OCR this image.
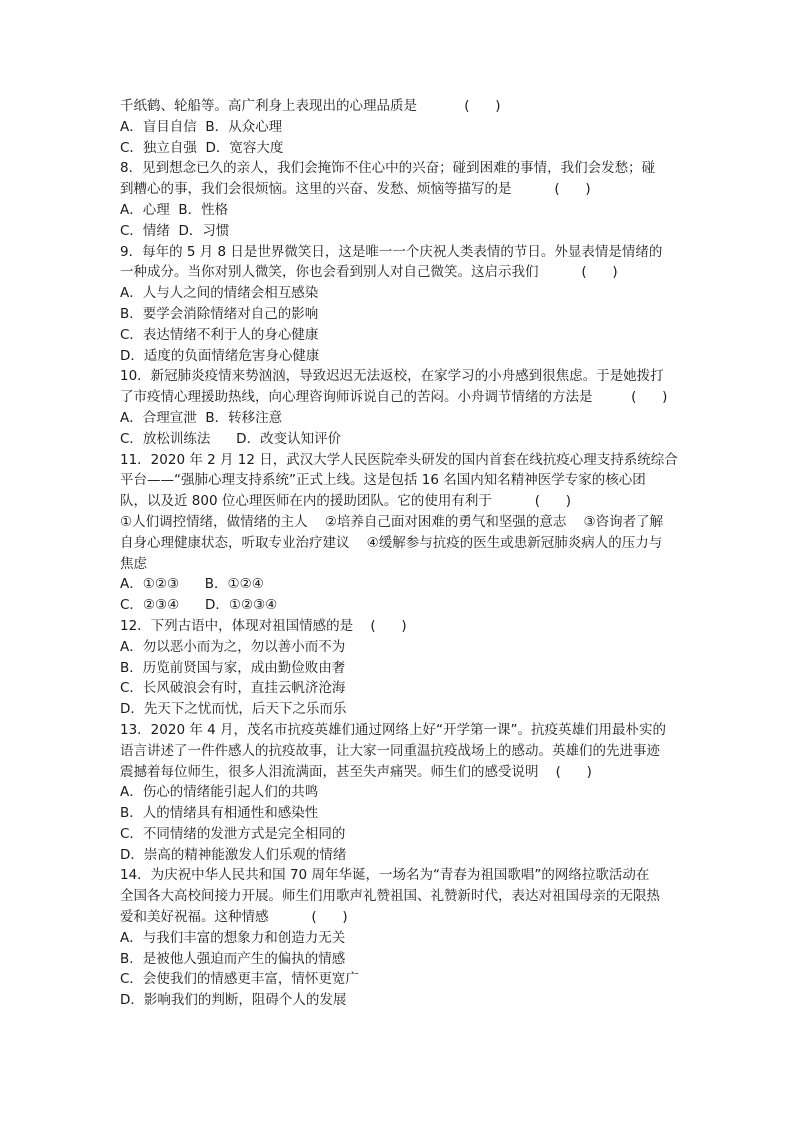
千纸鹤、轮船等。高广利身上表现出的心理品质是           (      )
A．盲目自信  B．从众心理
C．独立自强  D．宽容大度
8．见到想念已久的亲人，我们会掩饰不住心中的兴奋；碰到困难的事情，我们会发愁；碰
到糟心的事，我们会很烦恼。这里的兴奋、发愁、烦恼等描写的是          (      )
A．心理  B．性格
C．情绪  D．习惯
9．每年的 5 月 8 日是世界微笑日，这是唯一一个庆祝人类表情的节日。外显表情是情绪的
一种成分。当你对别人微笑，你也会看到别人对自己微笑。这启示我们          (      )
A．人与人之间的情绪会相互感染
B．要学会消除情绪对自己的影响
C．表达情绪不利于人的身心健康
D．适度的负面情绪危害身心健康
10．新冠肺炎疫情来势汹汹，导致迟迟无法返校，在家学习的小舟感到很焦虑。于是她拨打
了市疫情心理援助热线，向心理咨询师诉说自己的苦闷。小舟调节情绪的方法是         (      )
A．合理宣泄  B．转移注意
C．放松训练法      D．改变认知评价
11．2020 年 2 月 12 日，武汉大学人民医院牵头研发的国内首套在线抗疫心理支持系统综合
平台——“强肺心理支持系统”正式上线。这是包括 16 名国内知名精神医学专家的核心团
队，以及近 800 位心理医师在内的援助团队。它的使用有利于          (      )
①人们调控情绪，做情绪的主人    ②培养自己面对困难的勇气和坚强的意志    ③咨询者了解
自身心理健康状态，听取专业治疗建议    ④缓解参与抗疫的医生或患新冠肺炎病人的压力与
焦虑
A．①②③      B．①②④
C．②③④      D．①②③④
12．下列古语中，体现对祖国情感的是    (      )
A．勿以恶小而为之，勿以善小而不为
B．历览前贤国与家，成由勤俭败由奢
C．长风破浪会有时，直挂云帆济沧海
D．先天下之忧而忧，后天下之乐而乐
13．2020 年 4 月，茂名市抗疫英雄们通过网络上好“开学第一课”。抗疫英雄们用最朴实的
语言讲述了一件件感人的抗疫故事，让大家一同重温抗疫战场上的感动。英雄们的先进事迹
震撼着每位师生，很多人泪流满面，甚至失声痛哭。师生们的感受说明    (      )
A．伤心的情绪能引起人们的共鸣
B．人的情绪具有相通性和感染性
C．不同情绪的发泄方式是完全相同的
D．崇高的精神能激发人们乐观的情绪
14．为庆祝中华人民共和国 70 周年华诞，一场名为“青春为祖国歌唱”的网络拉歌活动在
全国各大高校间接力开展。师生们用歌声礼赞祖国、礼赞新时代，表达对祖国母亲的无限热
爱和美好祝福。这种情感          (      )
A．与我们丰富的想象力和创造力无关
B．是被他人强迫而产生的偏执的情感
C．会使我们的情感更丰富，情怀更宽广
D．影响我们的判断，阻碍个人的发展
